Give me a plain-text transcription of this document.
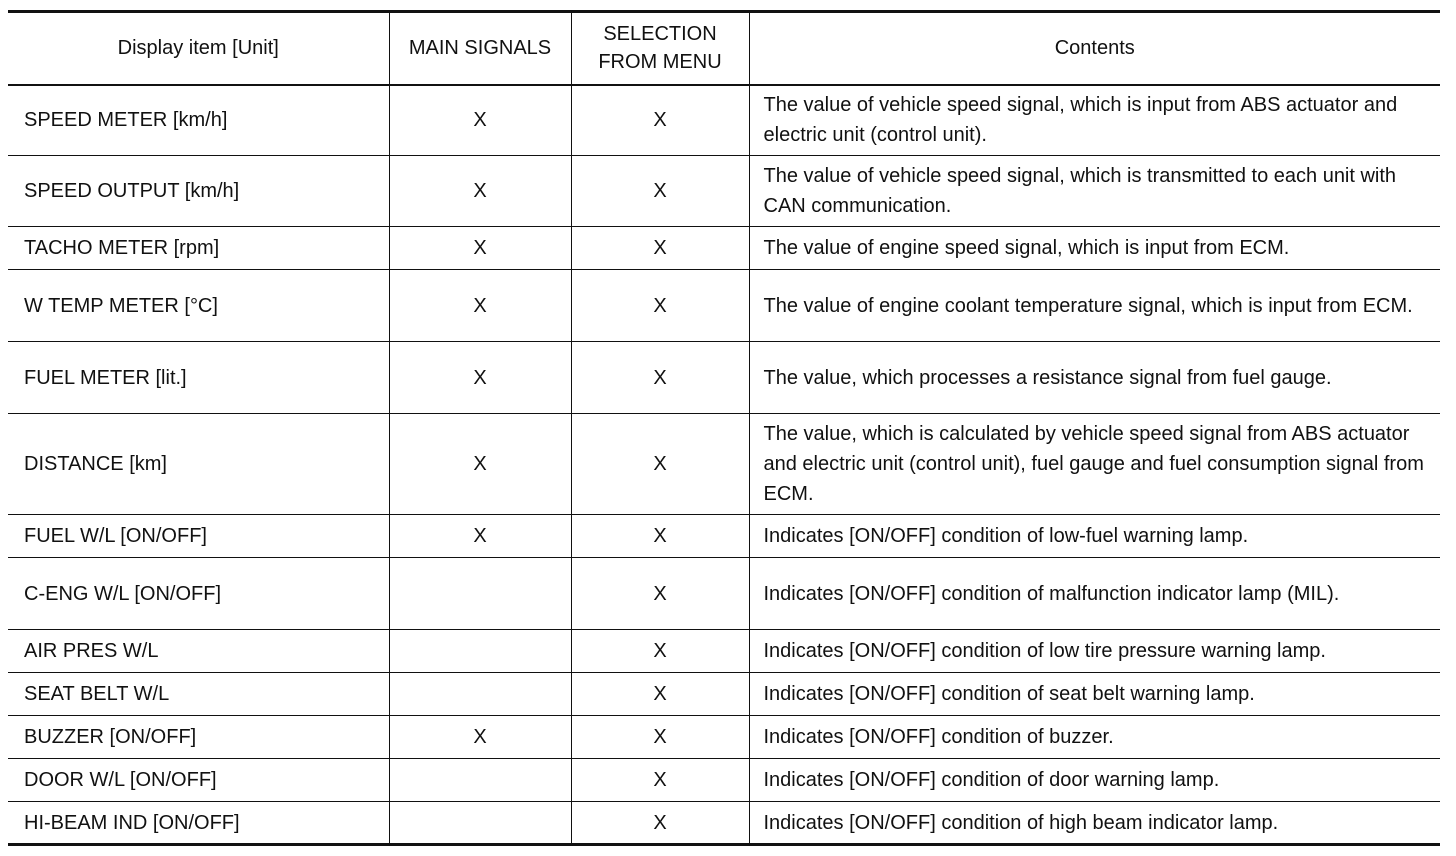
Display item [Unit]	MAIN SIGNALS	SELECTION FROM MENU	Contents
SPEED METER [km/h]	X	X	The value of vehicle speed signal, which is input from ABS actuator and electric unit (control unit).
SPEED OUTPUT [km/h]	X	X	The value of vehicle speed signal, which is transmitted to each unit with CAN communication.
TACHO METER [rpm]	X	X	The value of engine speed signal, which is input from ECM.
W TEMP METER [°C]	X	X	The value of engine coolant temperature signal, which is input from ECM.
FUEL METER [lit.]	X	X	The value, which processes a resistance signal from fuel gauge.
DISTANCE [km]	X	X	The value, which is calculated by vehicle speed signal from ABS actuator and electric unit (control unit), fuel gauge and fuel consumption signal from ECM.
FUEL W/L [ON/OFF]	X	X	Indicates [ON/OFF] condition of low-fuel warning lamp.
C-ENG W/L [ON/OFF]		X	Indicates [ON/OFF] condition of malfunction indicator lamp (MIL).
AIR PRES W/L		X	Indicates [ON/OFF] condition of low tire pressure warning lamp.
SEAT BELT W/L		X	Indicates [ON/OFF] condition of seat belt warning lamp.
BUZZER [ON/OFF]	X	X	Indicates [ON/OFF] condition of buzzer.
DOOR W/L [ON/OFF]		X	Indicates [ON/OFF] condition of door warning lamp.
HI-BEAM IND [ON/OFF]		X	Indicates [ON/OFF] condition of high beam indicator lamp.
